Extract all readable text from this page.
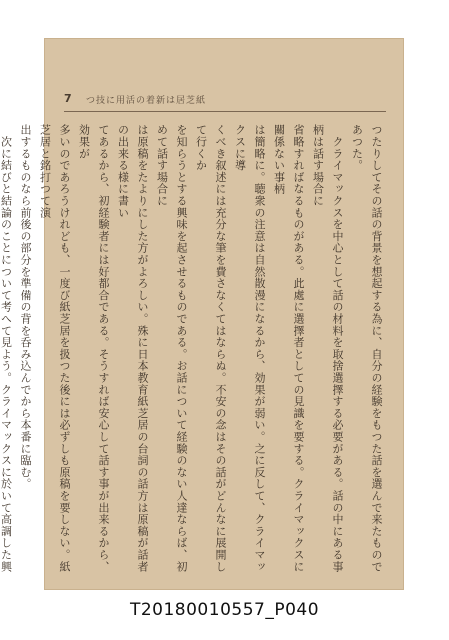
7 つ技に用活の着新は居芝紙
つたりしてその話の背景を想起する為に、自分の経験をもつた話を選んで来たものであつた。
　クライマックスを中心として話の材料を取捨選擇する必要がある。話の中にある事柄は話す場合に
省略すればなるものがある。此處に選擇者としての見識を要する。クライマックスに關係ない事柄
は簡略に。聴衆の注意は自然散漫になるから、効果が弱い。之に反して、クライマックスに導
くべき叙述には充分な筆を費さなくてはならぬ。不安の念はその話がどんなに展開して行くか
を知らうとする興味を起させるものである。お話について経験のない人達ならば、初めて話す場合に
は原稿をたよりにした方がよろしい。殊に日本教育紙芝居の台詞の話方は原稿が話者の出来る様に書い
てあるから、初経験者には好都合である。そうすれば安心して話す事が出来るから、効果が
多いのであろうけれども、一度び紙芝居を扱つた後には必ずしも原稿を要しない。紙芝居と銘打つて演
出するものなら前後の部分を準備の背を呑み込んでから本番に臨む。
　次に結びと結論のことについて考へて見よう。クライマックスに於いて高調した興

T20180010557_P040
